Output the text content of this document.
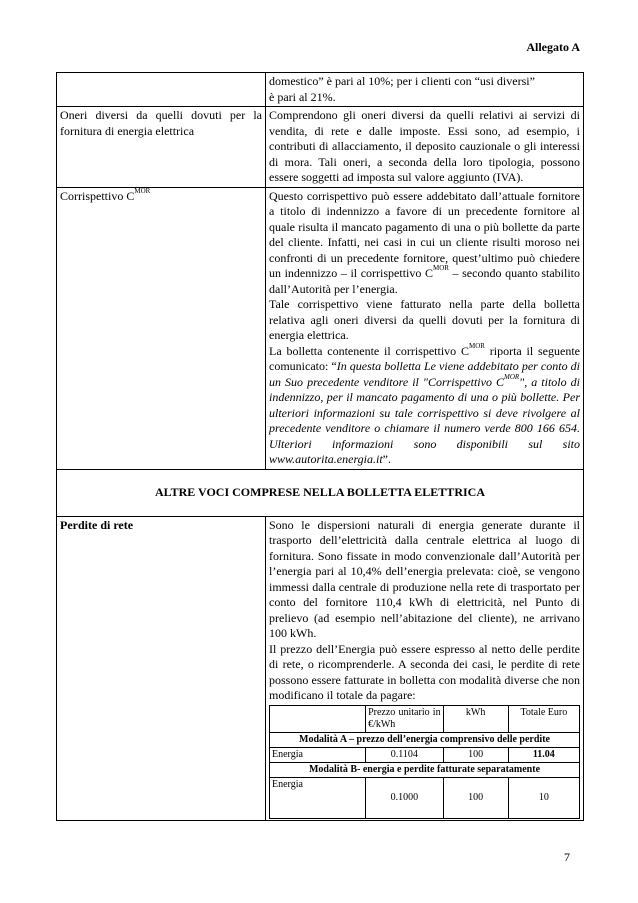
Allegato A

domestico” è pari al 10%; per i clienti con “usi diversi”
è pari al 21%.

Oneri diversi da quelli dovuti per la fornitura di energia elettrica	Comprendono gli oneri diversi da quelli relativi ai servizi di vendita, di rete e dalle imposte. Essi sono, ad esempio, i contributi di allacciamento, il deposito cauzionale o gli interessi di mora. Tali oneri, a seconda della loro tipologia, possono essere soggetti ad imposta sul valore aggiunto (IVA).
Corrispettivo $C^{MOR}$	Questo corrispettivo può essere addebitato dall’attuale fornitore a titolo di indennizzo a favore di un precedente fornitore al quale risulta il mancato pagamento di una o più bollette da parte del cliente. Infatti, nei casi in cui un cliente risulti moroso nei confronti di un precedente fornitore, quest’ultimo può chiedere un indennizzo – il corrispettivo $C^{MOR}$ – secondo quanto stabilito dall’Autorità per l’energia.
Tale corrispettivo viene fatturato nella parte della bolletta relativa agli oneri diversi da quelli dovuti per la fornitura di energia elettrica.
La bolletta contenente il corrispettivo $C^{MOR}$ riporta il seguente comunicato: “In questa bolletta Le viene addebitato per conto di un Suo precedente venditore il "Corrispettivo $C^{MOR}$", a titolo di indennizzo, per il mancato pagamento di una o più bollette. Per ulteriori informazioni su tale corrispettivo si deve rivolgere al precedente venditore o chiamare il numero verde 800 166 654. Ulteriori informazioni sono disponibili sul sito www.autorita.energia.it”.

ALTRE VOCI COMPRESE NELLA BOLLETTA ELETTRICA
Perdite di rete	Sono le dispersioni naturali di energia generate durante il trasporto dell’elettricità dalla centrale elettrica al luogo di fornitura. Sono fissate in modo convenzionale dall’Autorità per l’energia pari al 10,4% dell’energia prelevata: cioè, se vengono immessi dalla centrale di produzione nella rete di trasportato per conto del fornitore 110,4 kWh di elettricità, nel Punto di prelievo (ad esempio nell’abitazione del cliente), ne arrivano 100 kWh.
Il prezzo dell’Energia può essere espresso al netto delle perdite di rete, o ricomprenderle. A seconda dei casi, le perdite di rete possono essere fatturate in bolletta con modalità diverse che non modificano il totale da pagare:
	Prezzo unitario in €/kWh	kWh	Totale Euro
Modalità A – prezzo dell’energia comprensivo delle perdite
Energia	0.1104	100	11.04
Modalità B- energia e perdite fatturate separatamente
Energia	0.1000	100	10
7
